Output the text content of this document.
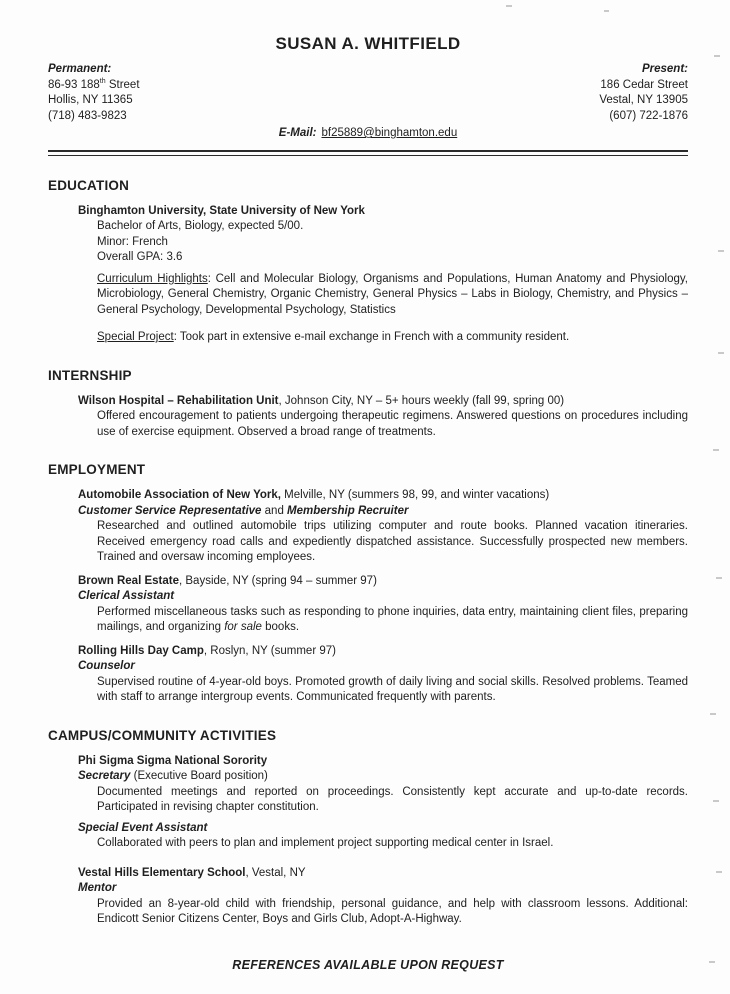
SUSAN A. WHITFIELD
Permanent:
86-93 188th Street
Hollis, NY 11365
(718) 483-9823
Present:
186 Cedar Street
Vestal, NY 13905
(607) 722-1876
E-Mail: bf25889@binghamton.edu
EDUCATION
Binghamton University, State University of New York
Bachelor of Arts, Biology, expected 5/00.
Minor: French
Overall GPA: 3.6

Curriculum Highlights: Cell and Molecular Biology, Organisms and Populations, Human Anatomy and Physiology, Microbiology, General Chemistry, Organic Chemistry, General Physics – Labs in Biology, Chemistry, and Physics – General Psychology, Developmental Psychology, Statistics

Special Project: Took part in extensive e-mail exchange in French with a community resident.

INTERNSHIP
Wilson Hospital – Rehabilitation Unit, Johnson City, NY – 5+ hours weekly (fall 99, spring 00)

Offered encouragement to patients undergoing therapeutic regimens. Answered questions on procedures including use of exercise equipment. Observed a broad range of treatments.

EMPLOYMENT
Automobile Association of New York, Melville, NY (summers 98, 99, and winter vacations)
Customer Service Representative and Membership Recruiter

Researched and outlined automobile trips utilizing computer and route books. Planned vacation itineraries. Received emergency road calls and expediently dispatched assistance. Successfully prospected new members. Trained and oversaw incoming employees.

Brown Real Estate, Bayside, NY (spring 94 – summer 97)
Clerical Assistant

Performed miscellaneous tasks such as responding to phone inquiries, data entry, maintaining client files, preparing mailings, and organizing for sale books.

Rolling Hills Day Camp, Roslyn, NY (summer 97)
Counselor

Supervised routine of 4-year-old boys. Promoted growth of daily living and social skills. Resolved problems. Teamed with staff to arrange intergroup events. Communicated frequently with parents.

CAMPUS/COMMUNITY ACTIVITIES
Phi Sigma Sigma National Sorority
Secretary (Executive Board position)

Documented meetings and reported on proceedings. Consistently kept accurate and up-to-date records. Participated in revising chapter constitution.

Special Event Assistant

Collaborated with peers to plan and implement project supporting medical center in Israel.

Vestal Hills Elementary School, Vestal, NY
Mentor

Provided an 8-year-old child with friendship, personal guidance, and help with classroom lessons. Additional: Endicott Senior Citizens Center, Boys and Girls Club, Adopt-A-Highway.

REFERENCES AVAILABLE UPON REQUEST
